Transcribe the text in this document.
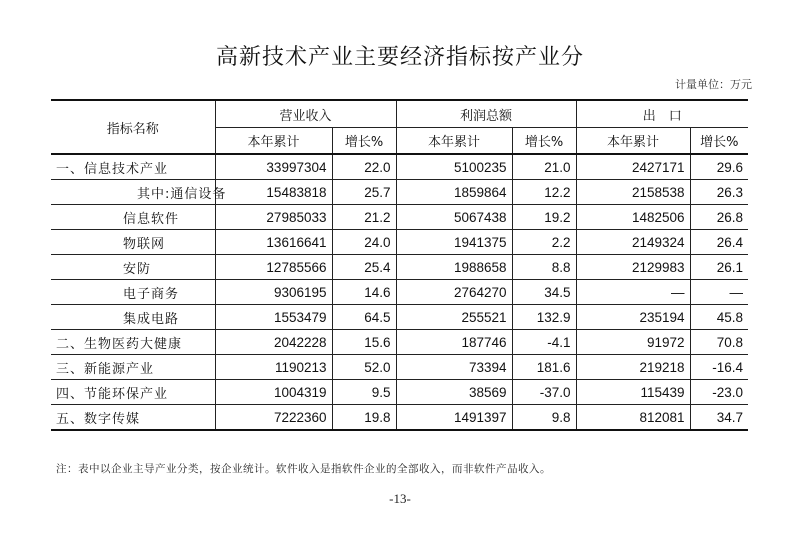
高新技术产业主要经济指标按产业分
计量单位：万元
指标名称	营业收入		利润总额		出　口	
	本年累计	增长%	本年累计	增长%	本年累计	增长%
一、信息技术产业	33997304	22.0	5100235	21.0	2427171	29.6
其中:通信设备	15483818	25.7	1859864	12.2	2158538	26.3
信息软件	27985033	21.2	5067438	19.2	1482506	26.8
物联网	13616641	24.0	1941375	2.2	2149324	26.4
安防	12785566	25.4	1988658	8.8	2129983	26.1
电子商务	9306195	14.6	2764270	34.5	—	—
集成电路	1553479	64.5	255521	132.9	235194	45.8
二、生物医药大健康	2042228	15.6	187746	-4.1	91972	70.8
三、新能源产业	1190213	52.0	73394	181.6	219218	-16.4
四、节能环保产业	1004319	9.5	38569	-37.0	115439	-23.0
五、数字传媒	7222360	19.8	1491397	9.8	812081	34.7
注：表中以企业主导产业分类，按企业统计。软件收入是指软件企业的全部收入，而非软件产品收入。
-13-
